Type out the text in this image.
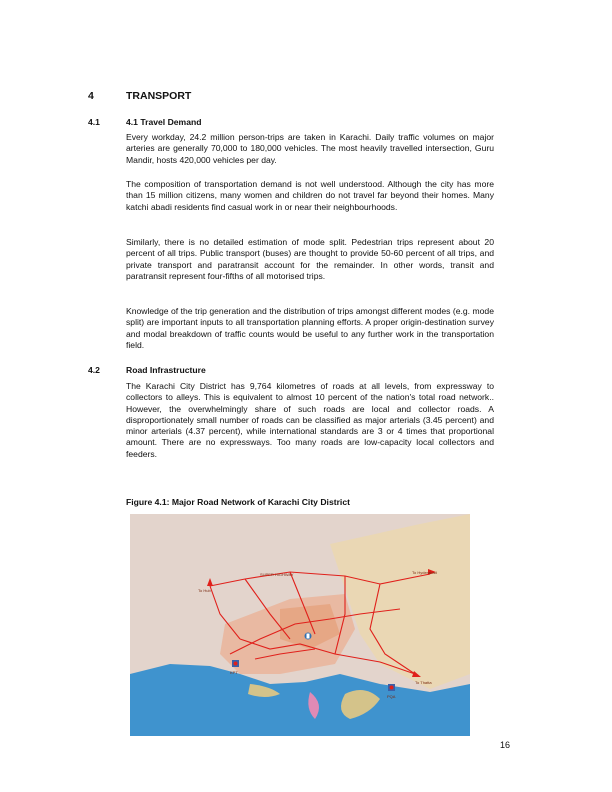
4	TRANSPORT
4.1	4.1 Travel Demand

Every workday, 24.2 million person-trips are taken in Karachi. Daily traffic volumes on major arteries are generally 70,000 to 180,000 vehicles. The most heavily travelled intersection, Guru Mandir, hosts 420,000 vehicles per day.

The composition of transportation demand is not well understood. Although the city has more than 15 million citizens, many women and children do not travel far beyond their homes. Many katchi abadi residents find casual work in or near their neighbourhoods.

Similarly, there is no detailed estimation of mode split. Pedestrian trips represent about 20 percent of all trips. Public transport (buses) are thought to provide 50-60 percent of all trips, and private transport and paratransit account for the remainder. In other words, transit and paratransit represent four-fifths of all motorised trips.

Knowledge of the trip generation and the distribution of trips amongst different modes (e.g. mode split) are important inputs to all transportation planning efforts. A proper origin-destination survey and modal breakdown of traffic counts would be useful to any further work in the transportation field.

4.2	Road Infrastructure

The Karachi City District has 9,764 kilometres of roads at all levels, from expressway to collectors to alleys. This is equivalent to almost 10 percent of the nation's total road network.. However, the overwhelmingly share of such roads are local and collector roads. A disproportionately small number of roads can be classified as major arterials (3.45 percent) and minor arterials (4.37 percent), while international standards are 3 or 4 times that proportional amount. There are no expressways. Too many roads are low-capacity local collectors and feeders.

Figure 4.1: Major Road Network of Karachi City District
To Hub
To Hyderabad
To Thatta
SUPER HIGHWAY
KPT
PQA
16
